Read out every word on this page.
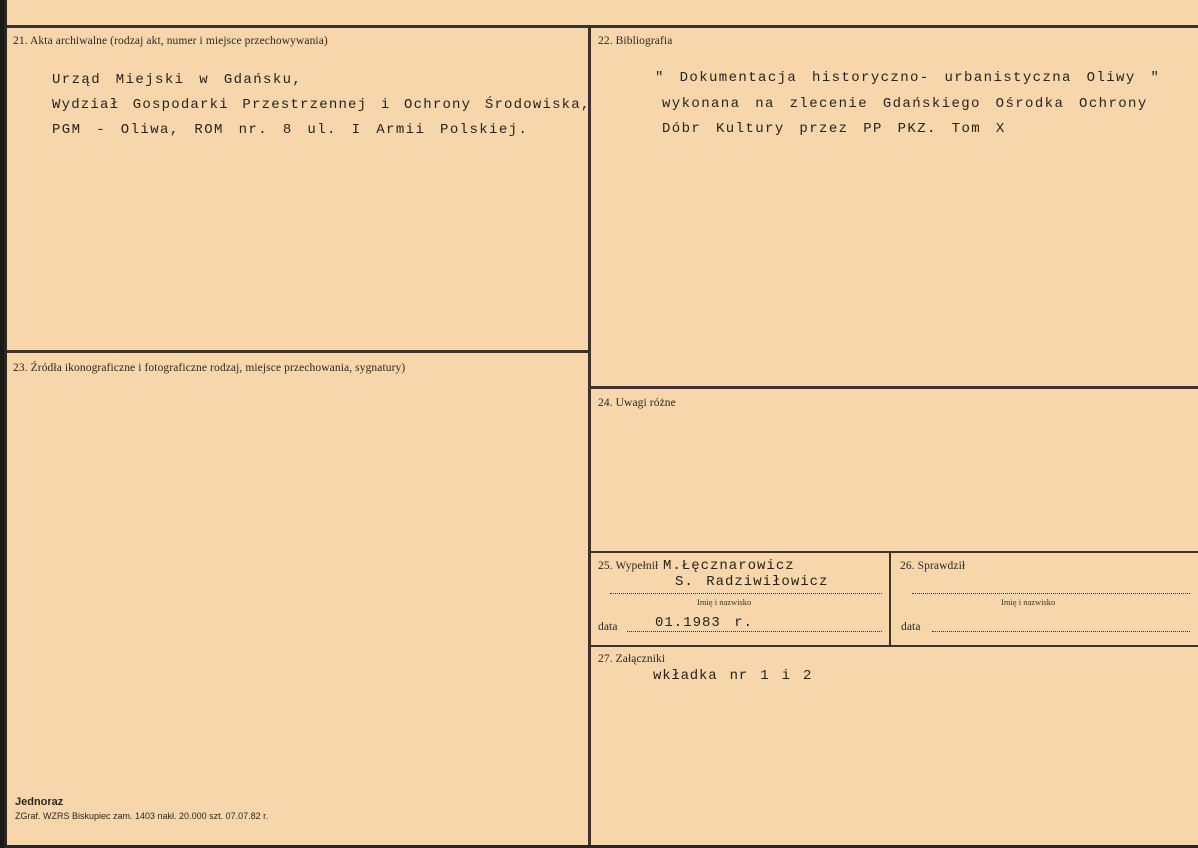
21. Akta archiwalne (rodzaj akt, numer i miejsce przechowywania)
Urząd Miejski w Gdańsku,
Wydział Gospodarki Przestrzennej i Ochrony Środowiska,
PGM - Oliwa, ROM nr. 8 ul. I Armii Polskiej.
22. Bibliografia
" Dokumentacja historyczno- urbanistyczna Oliwy "
wykonana na zlecenie Gdańskiego Ośrodka Ochrony
Dóbr Kultury przez PP PKZ. Tom X
23. Źródła ikonograficzne i fotograficzne rodzaj, miejsce przechowania, sygnatury)
24. Uwagi różne
25. Wypełnił M.Łęcznarowicz
S. Radziwiłowicz
Imię i nazwisko
data	01.1983 r.
26. Sprawdził
Imię i nazwisko
data
27. Załączniki
wkładka nr 1 i 2
Jednoraz
ZGraf. WZRS Biskupiec zam. 1403 nakł. 20.000 szt. 07.07.82 r.
